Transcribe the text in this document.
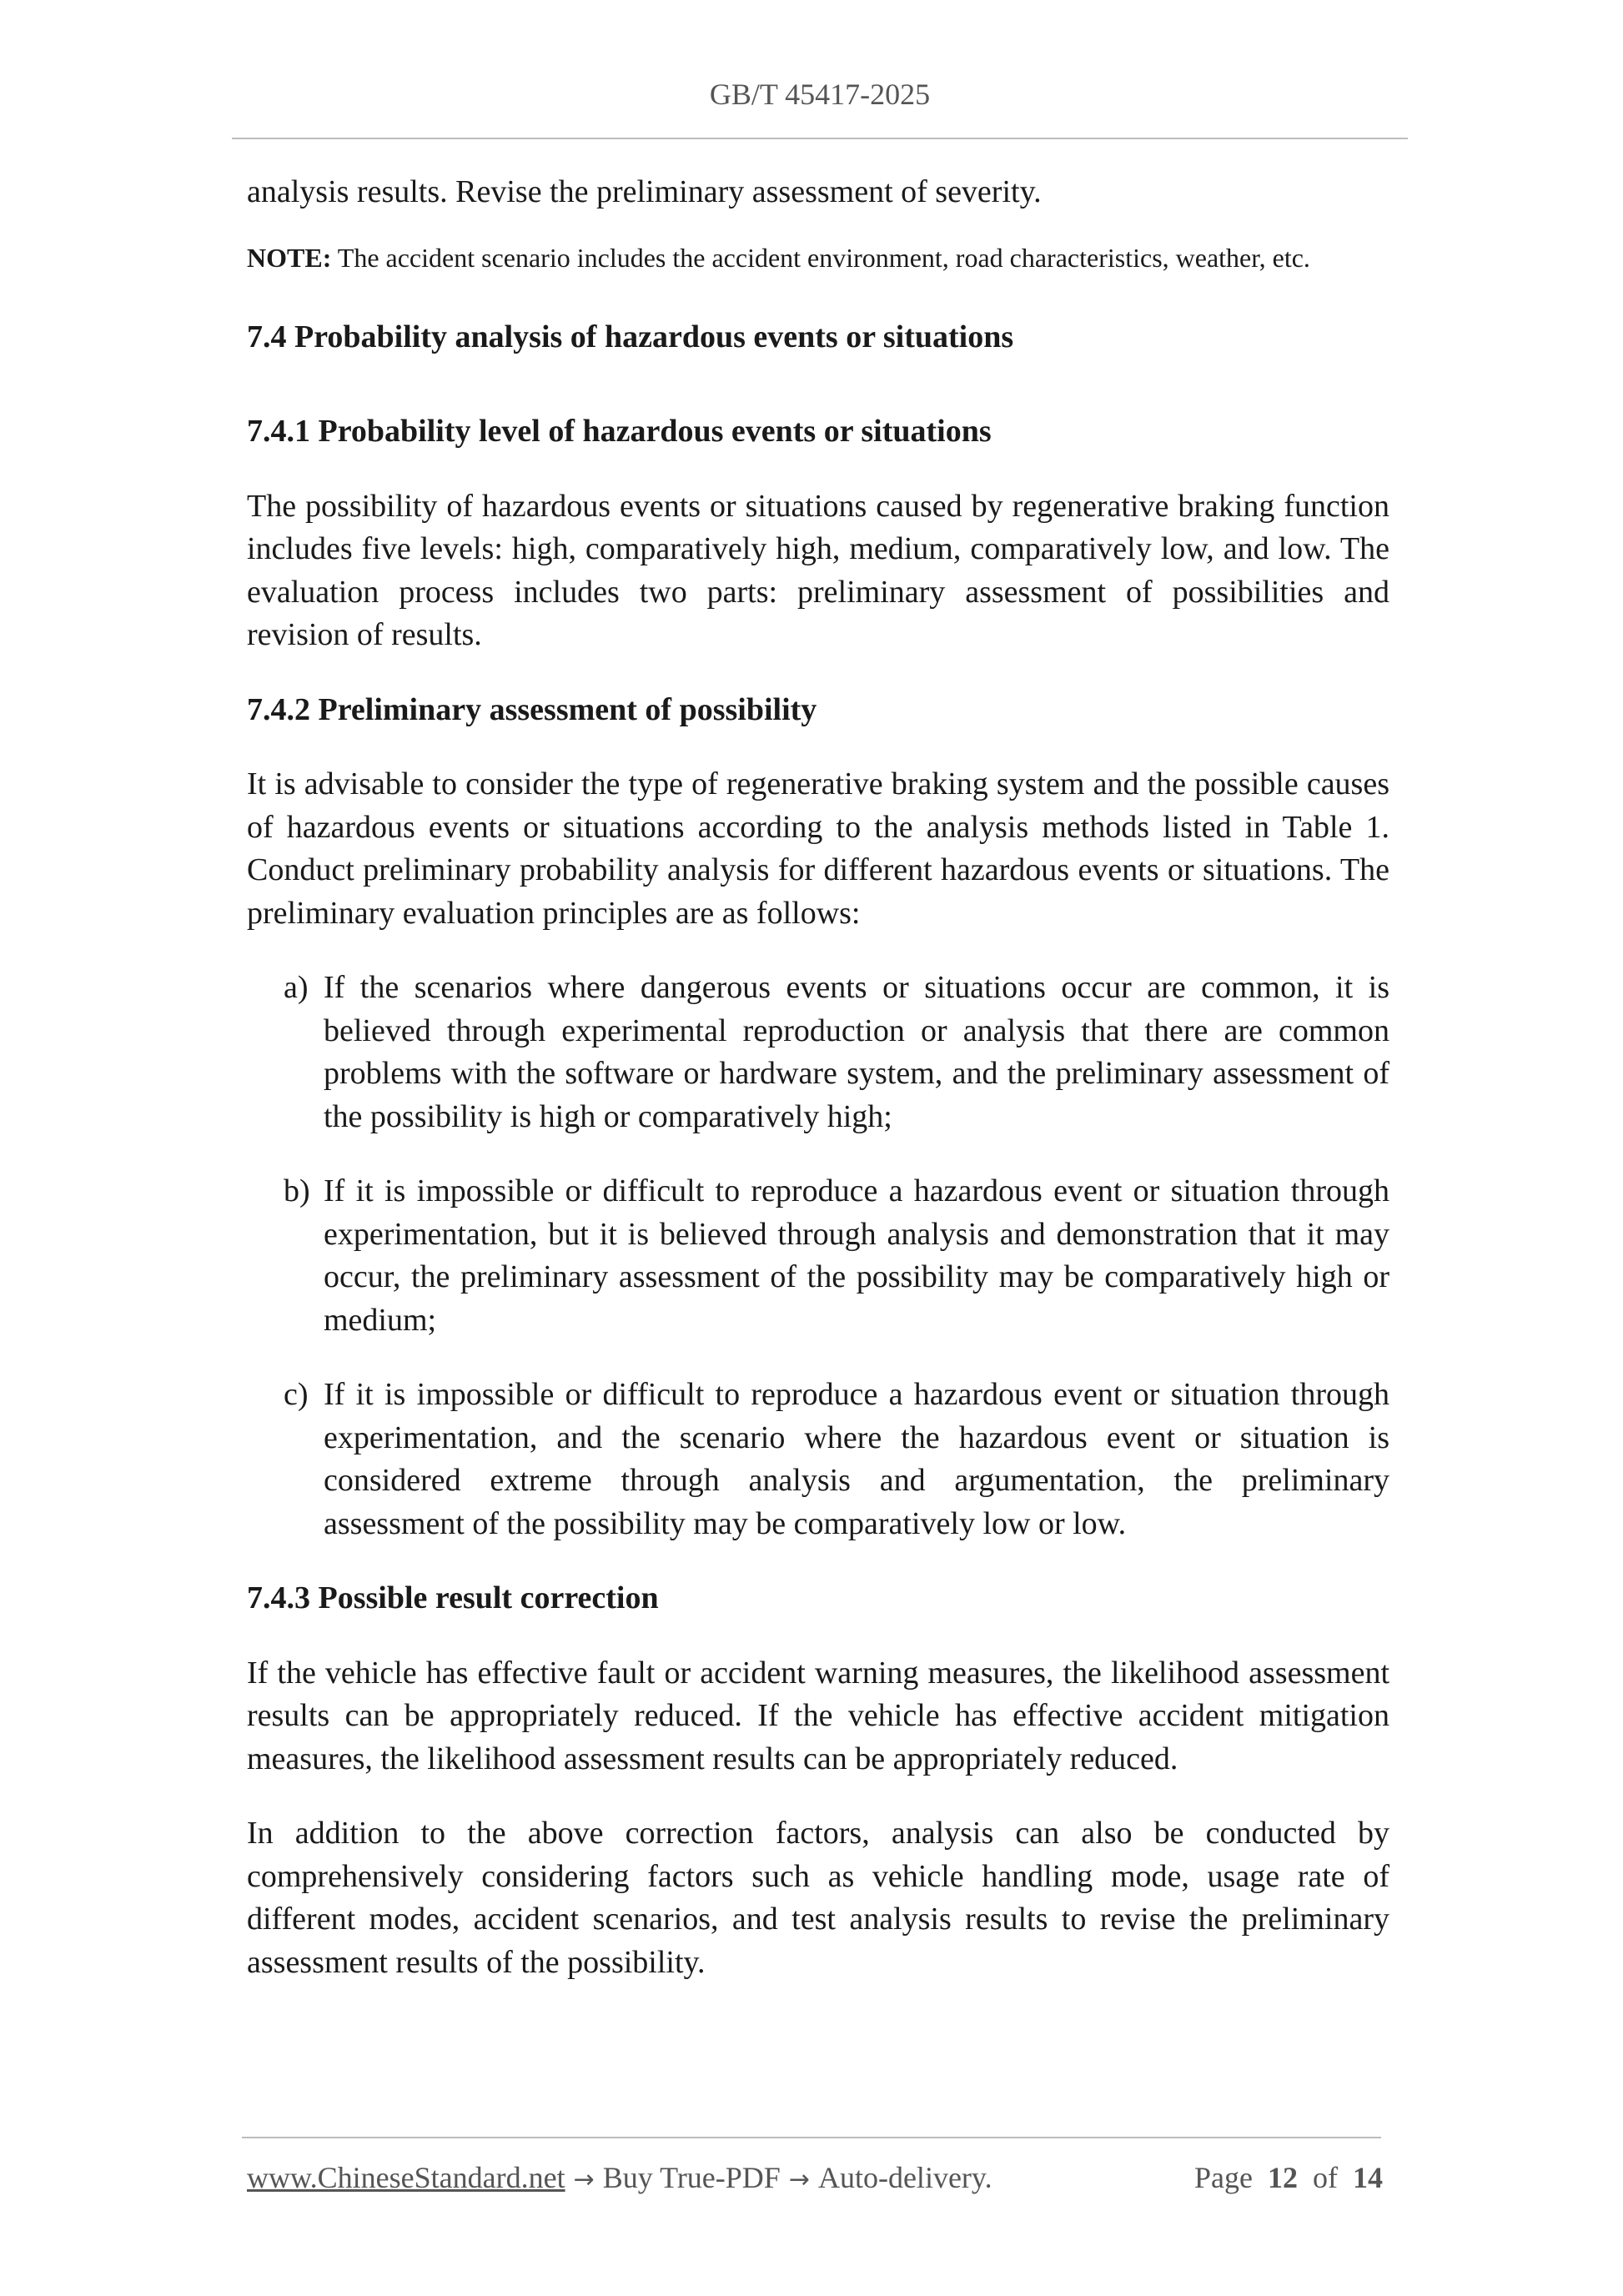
GB/T 45417-2025

analysis results. Revise the preliminary assessment of severity.

NOTE: The accident scenario includes the accident environment, road characteristics, weather, etc.

7.4 Probability analysis of hazardous events or situations
7.4.1 Probability level of hazardous events or situations

The possibility of hazardous events or situations caused by regenerative braking function includes five levels: high, comparatively high, medium, comparatively low, and low. The evaluation process includes two parts: preliminary assessment of possibilities and revision of results.

7.4.2 Preliminary assessment of possibility

It is advisable to consider the type of regenerative braking system and the possible causes of hazardous events or situations according to the analysis methods listed in Table 1. Conduct preliminary probability analysis for different hazardous events or situations. The preliminary evaluation principles are as follows:

a) If the scenarios where dangerous events or situations occur are common, it is believed through experimental reproduction or analysis that there are common problems with the software or hardware system, and the preliminary assessment of the possibility is high or comparatively high;
b) If it is impossible or difficult to reproduce a hazardous event or situation through experimentation, but it is believed through analysis and demonstration that it may occur, the preliminary assessment of the possibility may be comparatively high or medium;
c) If it is impossible or difficult to reproduce a hazardous event or situation through experimentation, and the scenario where the hazardous event or situation is considered extreme through analysis and argumentation, the preliminary assessment of the possibility may be comparatively low or low.
7.4.3 Possible result correction

If the vehicle has effective fault or accident warning measures, the likelihood assessment results can be appropriately reduced. If the vehicle has effective accident mitigation measures, the likelihood assessment results can be appropriately reduced.

In addition to the above correction factors, analysis can also be conducted by comprehensively considering factors such as vehicle handling mode, usage rate of different modes, accident scenarios, and test analysis results to revise the preliminary assessment results of the possibility.

www.ChineseStandard.net → Buy True-PDF → Auto-delivery.	Page 12 of 14
